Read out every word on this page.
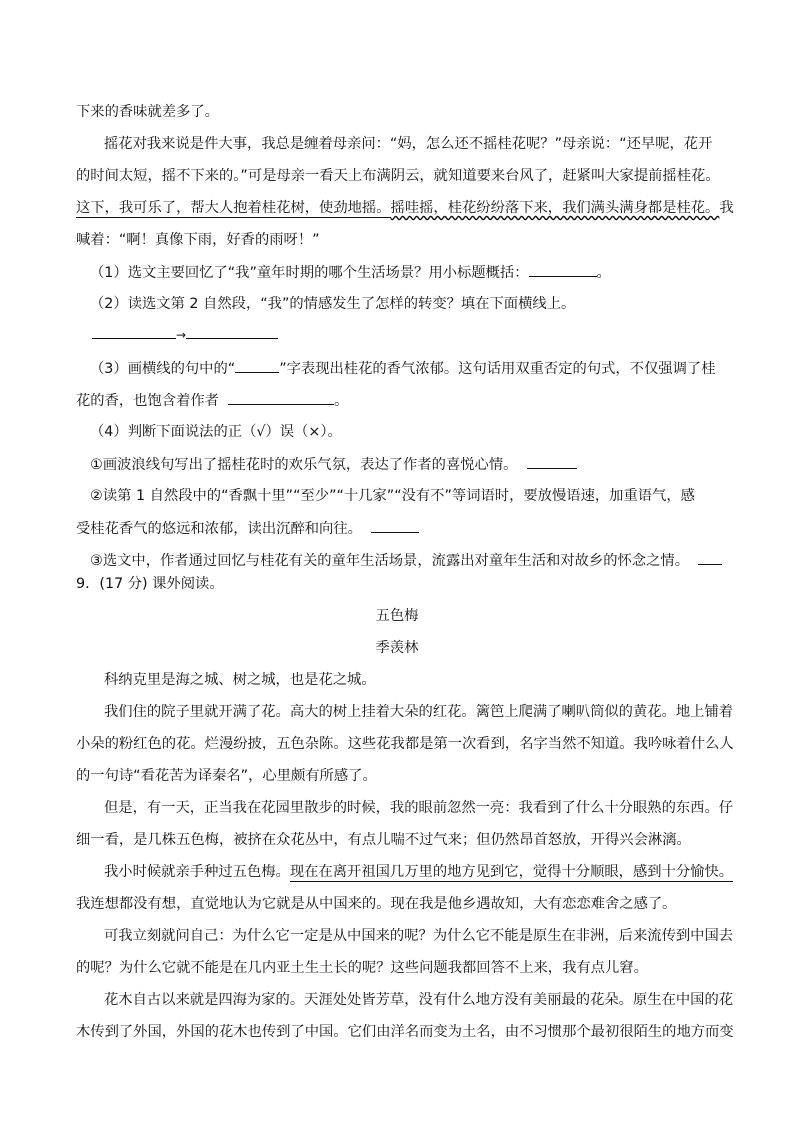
下来的香味就差多了。
摇花对我来说是件大事，我总是缠着母亲问：“妈，怎么还不摇桂花呢？”母亲说：“还早呢，花开
的时间太短，摇不下来的。”可是母亲一看天上布满阴云，就知道要来台风了，赶紧叫大家提前摇桂花。
这下，我可乐了，帮大人抱着桂花树，使劲地摇。摇哇摇，桂花纷纷落下来，我们满头满身都是桂花。我
喊着：“啊！真像下雨，好香的雨呀！”
（1）选文主要回忆了“我”童年时期的哪个生活场景？用小标题概括：	。
（2）读选文第 2 自然段，“我”的情感发生了怎样的转变？填在下面横线上。
→
（3）画横线的句中的“	”字表现出桂花的香气浓郁。这句话用双重否定的句式，不仅强调了桂
花的香，也饱含着作者	。
（4）判断下面说法的正（√）误（×）。
①画波浪线句写出了摇桂花时的欢乐气氛，表达了作者的喜悦心情。
②读第 1 自然段中的“香飘十里”“至少”“十几家”“没有不”等词语时，要放慢语速，加重语气，感
受桂花香气的悠远和浓郁，读出沉醉和向往。
③选文中，作者通过回忆与桂花有关的童年生活场景，流露出对童年生活和对故乡的怀念之情。
9．(17 分) 课外阅读。
五色梅
季羡林
科纳克里是海之城、树之城，也是花之城。
我们住的院子里就开满了花。高大的树上挂着大朵的红花。篱笆上爬满了喇叭筒似的黄花。地上铺着
小朵的粉红色的花。烂漫纷披，五色杂陈。这些花我都是第一次看到，名字当然不知道。我吟咏着什么人
的一句诗“看花苦为译秦名”，心里颇有所感了。
但是，有一天，正当我在花园里散步的时候，我的眼前忽然一亮：我看到了什么十分眼熟的东西。仔
细一看，是几株五色梅，被挤在众花丛中，有点儿喘不过气来；但仍然昂首怒放，开得兴会淋漓。
我小时候就亲手种过五色梅。现在在离开祖国几万里的地方见到它，觉得十分顺眼，感到十分愉快。
我连想都没有想，直觉地认为它就是从中国来的。现在我是他乡遇故知，大有恋恋难舍之感了。
可我立刻就问自己：为什么它一定是从中国来的呢？为什么它不能是原生在非洲，后来流传到中国去
的呢？为什么它就不能是在几内亚土生土长的呢？这些问题我都回答不上来，我有点儿窘。
花木自古以来就是四海为家的。天涯处处皆芳草，没有什么地方没有美丽最的花朵。原生在中国的花
木传到了外国，外国的花木也传到了中国。它们由洋名而变为土名，由不习惯那个最初很陌生的地方而变
